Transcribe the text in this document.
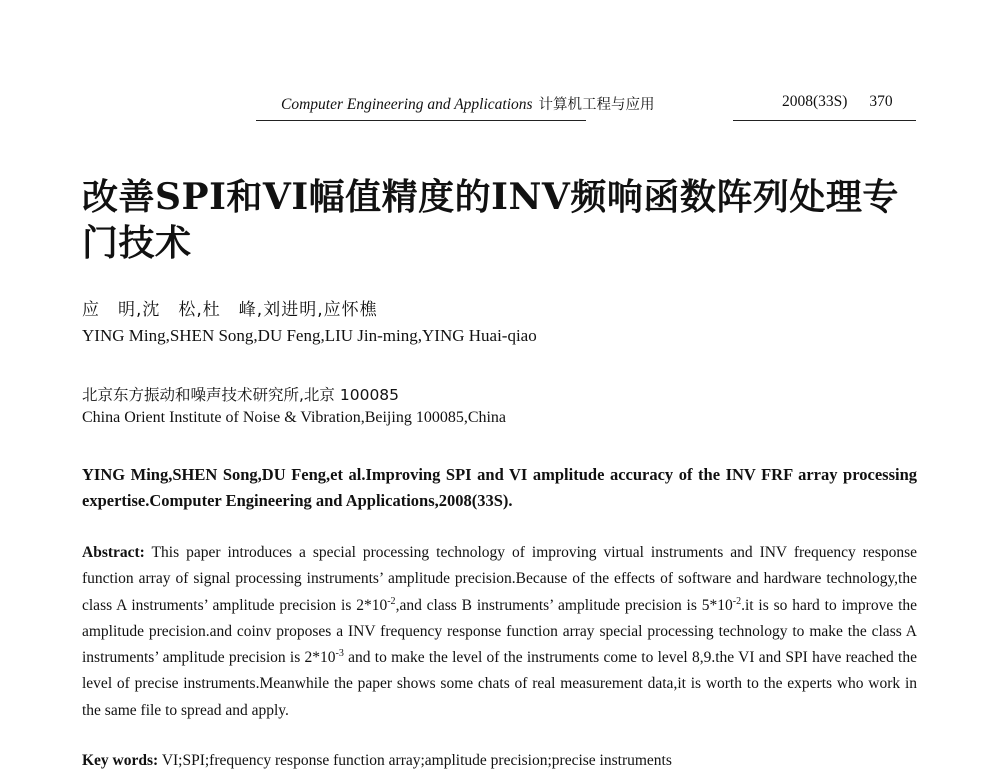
Computer Engineering and Applications 计算机工程与应用	2008(33S) 370
改善SPI和VI幅值精度的INV频响函数阵列处理专门技术
应　明,沈　松,杜　峰,刘进明,应怀樵
YING Ming,SHEN Song,DU Feng,LIU Jin-ming,YING Huai-qiao
北京东方振动和噪声技术研究所,北京 100085
China Orient Institute of Noise & Vibration,Beijing 100085,China

YING Ming,SHEN Song,DU Feng,et al.Improving SPI and VI amplitude accuracy of the INV FRF array processing expertise.Computer Engineering and Applications,2008(33S).

Abstract: This paper introduces a special processing technology of improving virtual instruments and INV frequency response function array of signal processing instruments’ amplitude precision.Because of the effects of software and hardware technology,the class A instruments’ amplitude precision is $2*10^{-2},and$ class B instruments’ amplitude precision is $5*10^{-2}.it$ is so hard to improve the amplitude precision.and coinv proposes a INV frequency response function array special processing technology to make the class A instruments’ amplitude precision is $2*10^{-3}$ and to make the level of the instruments come to level 8,9.the VI and SPI have reached the level of precise instruments.Meanwhile the paper shows some chats of real measurement data,it is worth to the experts who work in the same file to spread and apply.

Key words: VI;SPI;frequency response function array;amplitude precision;precise instruments
